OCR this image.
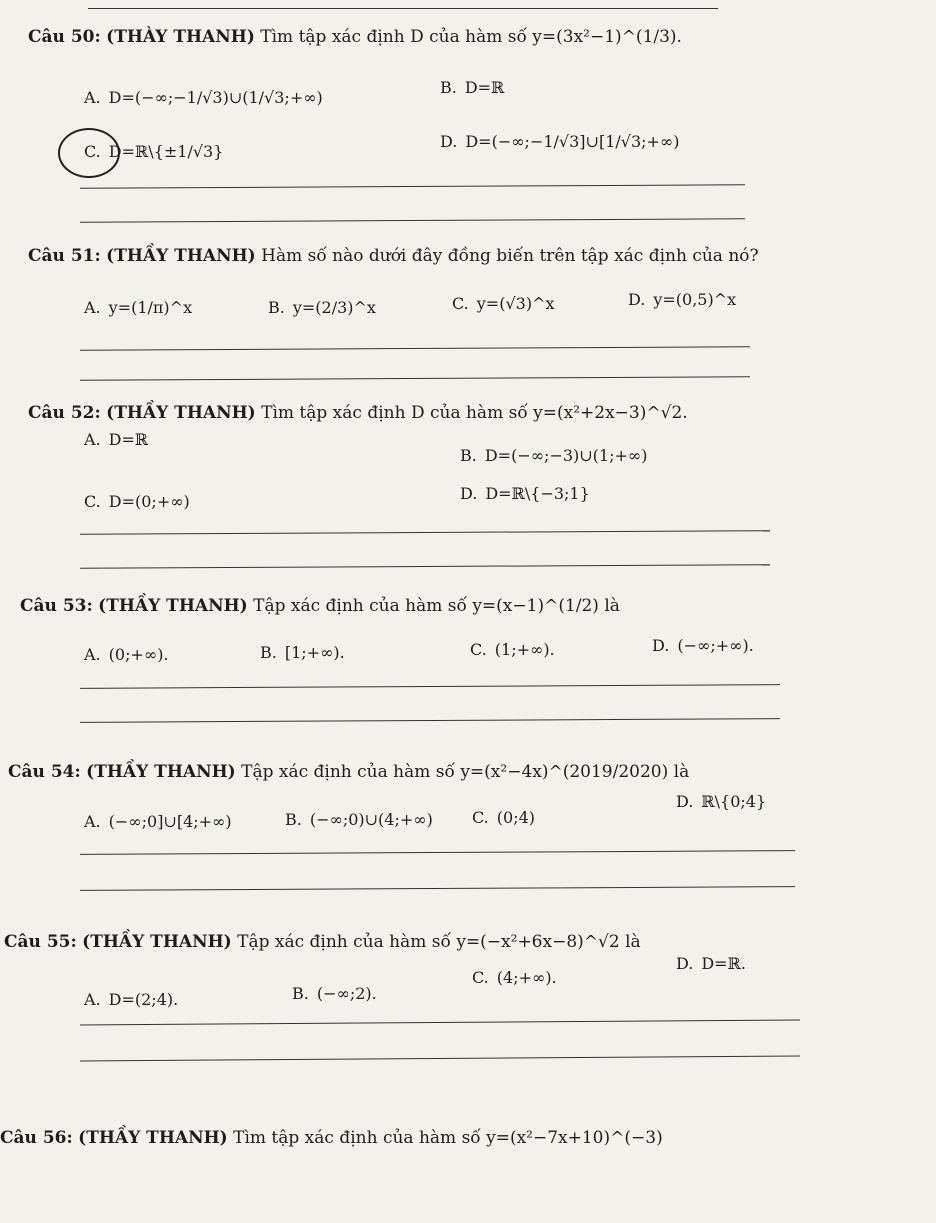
Câu 50: (THÀY THANH) Tìm tập xác định D của hàm số y=(3x²−1)^(1/3).
A. D=(−∞;−1/√3)∪(1/√3;+∞)
B. D=ℝ
C. D=ℝ\{±1/√3}
D. D=(−∞;−1/√3]∪[1/√3;+∞)
Câu 51: (THẦY THANH) Hàm số nào dưới đây đồng biến trên tập xác định của nó?
A. y=(1/π)^x	B. y=(2/3)^x	C. y=(√3)^x	D. y=(0,5)^x
Câu 52: (THẦY THANH) Tìm tập xác định D của hàm số y=(x²+2x−3)^√2.
A. D=ℝ
B. D=(−∞;−3)∪(1;+∞)
C. D=(0;+∞)	D. D=ℝ\{−3;1}
Câu 53: (THẦY THANH) Tập xác định của hàm số y=(x−1)^(1/2) là
A. (0;+∞).	B. [1;+∞).	C. (1;+∞).	D. (−∞;+∞).
Câu 54: (THẦY THANH) Tập xác định của hàm số y=(x²−4x)^(2019/2020) là
A. (−∞;0]∪[4;+∞)	B. (−∞;0)∪(4;+∞) C. (0;4)
D. ℝ\{0;4}
Câu 55: (THẦY THANH) Tập xác định của hàm số y=(−x²+6x−8)^√2 là
A. D=(2;4).	B. (−∞;2).
C. (4;+∞).
D. D=ℝ.
Câu 56: (THẦY THANH) Tìm tập xác định của hàm số y=(x²−7x+10)^(−3)
